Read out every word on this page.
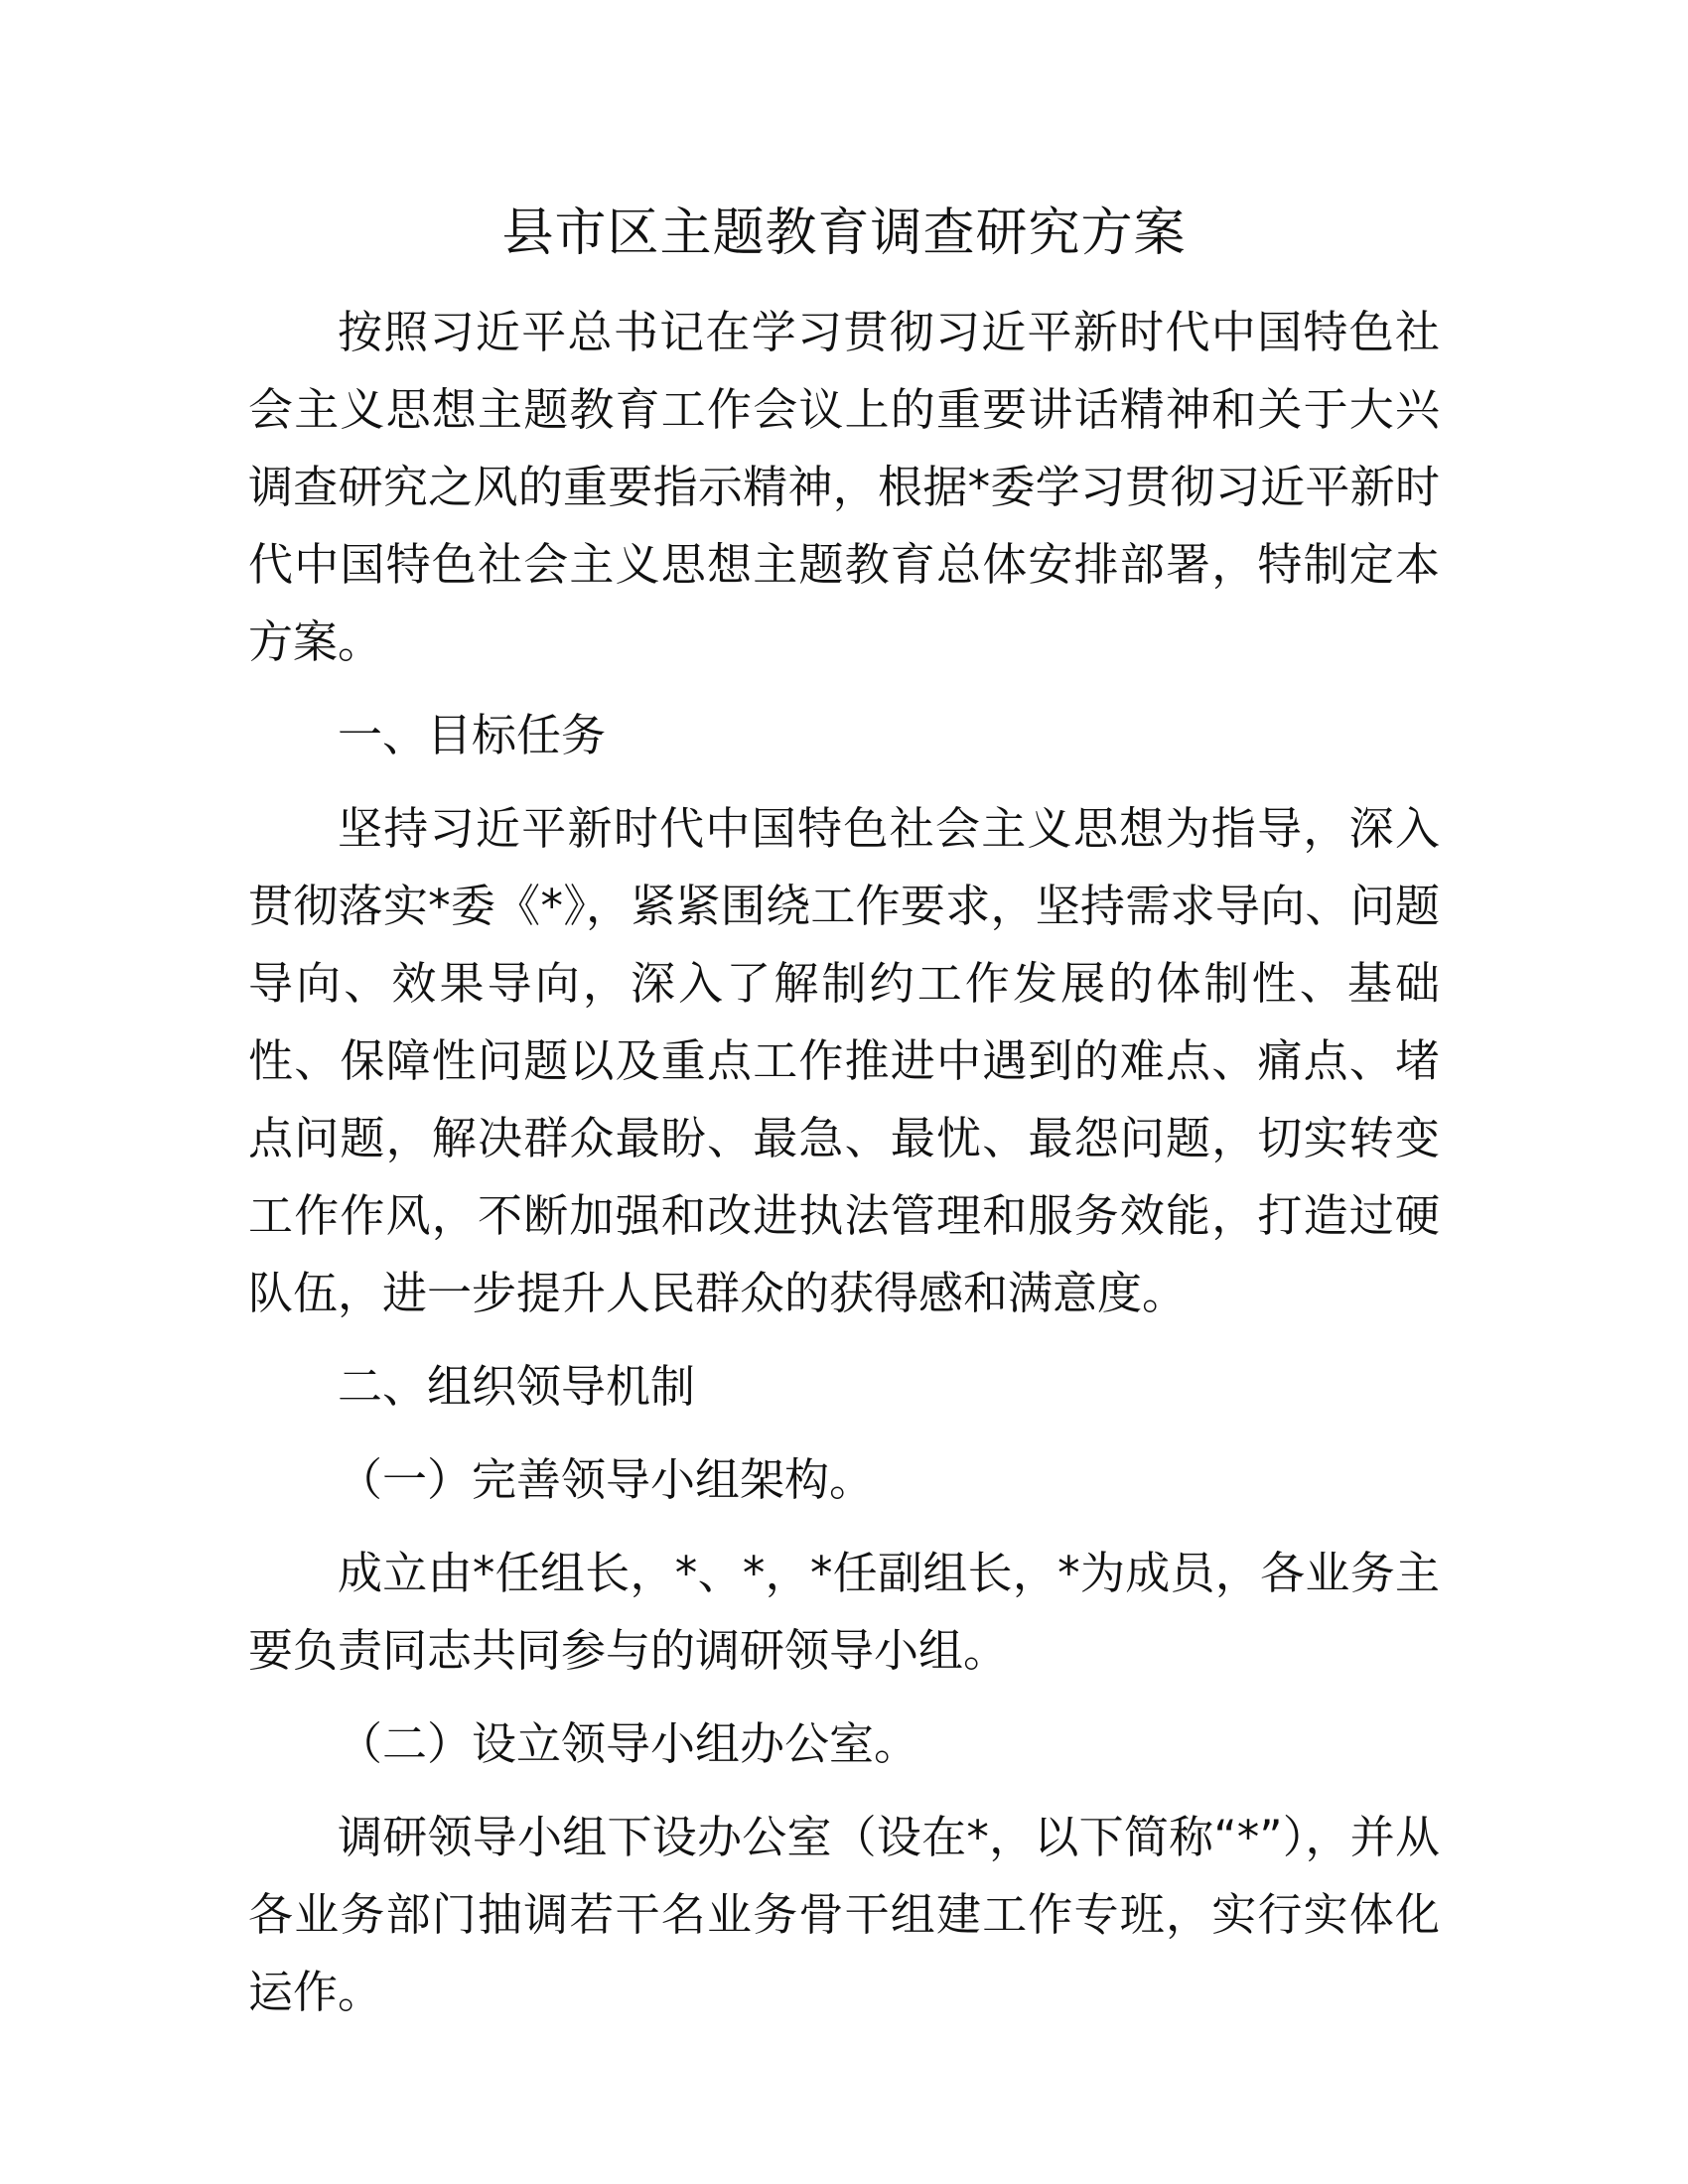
县市区主题教育调查研究方案

按照习近平总书记在学习贯彻习近平新时代中国特色社会主义思想主题教育工作会议上的重要讲话精神和关于大兴调查研究之风的重要指示精神，根据*委学习贯彻习近平新时代中国特色社会主义思想主题教育总体安排部署，特制定本方案。

一、目标任务

坚持习近平新时代中国特色社会主义思想为指导，深入贯彻落实*委《*》，紧紧围绕工作要求，坚持需求导向、问题导向、效果导向，深入了解制约工作发展的体制性、基础性、保障性问题以及重点工作推进中遇到的难点、痛点、堵点问题，解决群众最盼、最急、最忧、最怨问题，切实转变工作作风，不断加强和改进执法管理和服务效能，打造过硬队伍，进一步提升人民群众的获得感和满意度。

二、组织领导机制

（一）完善领导小组架构。

成立由*任组长，*、*，*任副组长，*为成员，各业务主要负责同志共同参与的调研领导小组。

（二）设立领导小组办公室。

调研领导小组下设办公室（设在*，以下简称“*”），并从各业务部门抽调若干名业务骨干组建工作专班，实行实体化运作。
